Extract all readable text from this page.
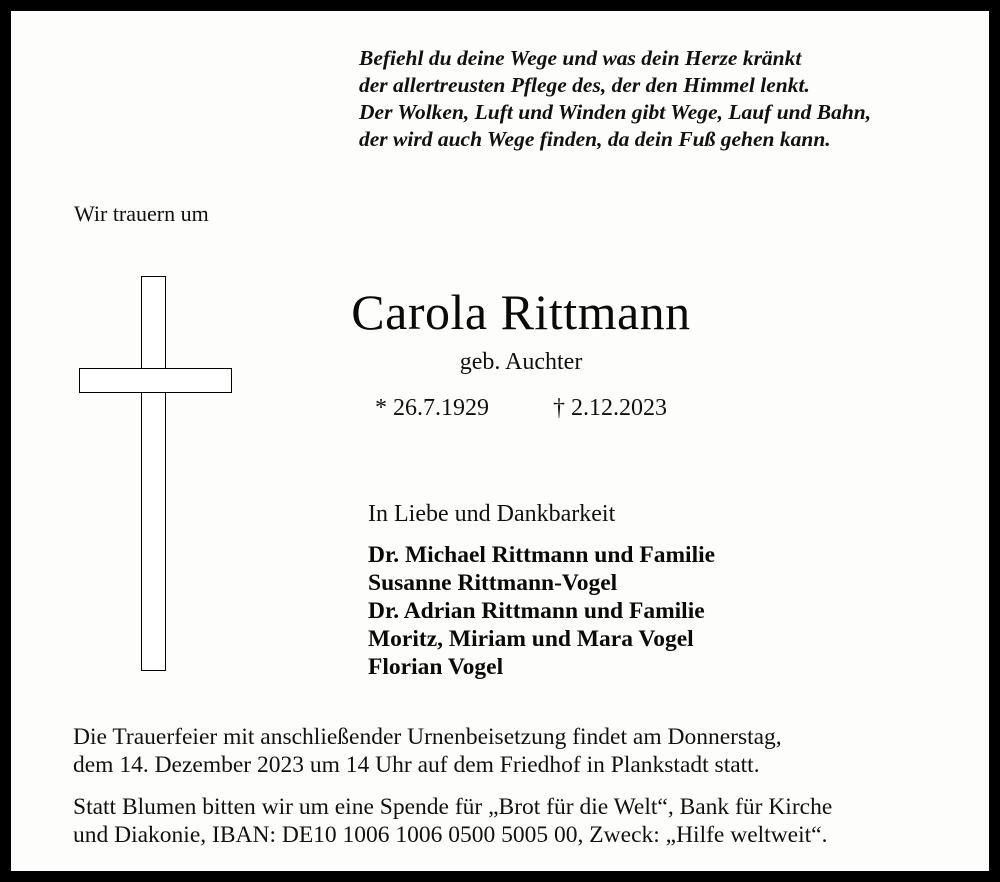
Befiehl du deine Wege und was dein Herze kränkt
der allertreusten Pflege des, der den Himmel lenkt.
Der Wolken, Luft und Winden gibt Wege, Lauf und Bahn,
der wird auch Wege finden, da dein Fuß gehen kann.
Wir trauern um
Carola Rittmann
geb. Auchter
* 26.7.1929	† 2.12.2023
In Liebe und Dankbarkeit
Dr. Michael Rittmann und Familie
Susanne Rittmann-Vogel
Dr. Adrian Rittmann und Familie
Moritz, Miriam und Mara Vogel
Florian Vogel

Die Trauerfeier mit anschließender Urnenbeisetzung findet am Donnerstag,

dem 14. Dezember 2023 um 14 Uhr auf dem Friedhof in Plankstadt statt.

Statt Blumen bitten wir um eine Spende für „Brot für die Welt“, Bank für Kirche

und Diakonie, IBAN: DE10 1006 1006 0500 5005 00, Zweck: „Hilfe weltweit“.
